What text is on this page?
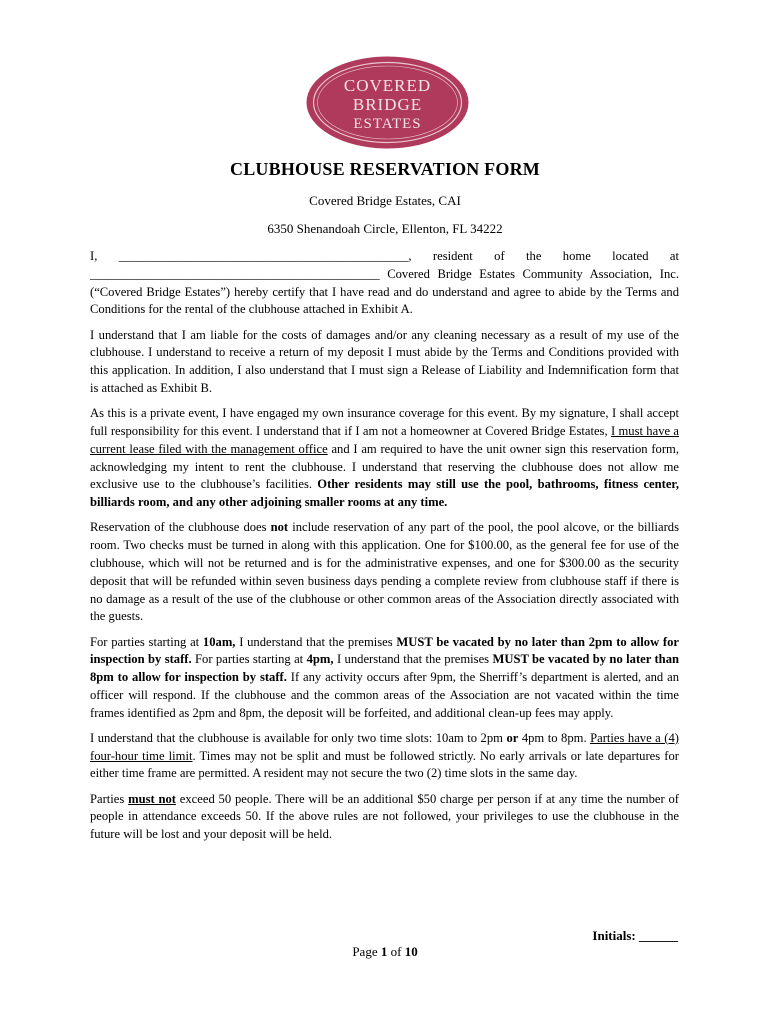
COVERED
BRIDGE
ESTATES
CLUBHOUSE RESERVATION FORM
Covered Bridge Estates, CAI
6350 Shenandoah Circle, Ellenton, FL 34222

I, ______________________________________________, resident of the home located at ______________________________________________ Covered Bridge Estates Community Association, Inc. (“Covered Bridge Estates”) hereby certify that I have read and do understand and agree to abide by the Terms and Conditions for the rental of the clubhouse attached in Exhibit A.

I understand that I am liable for the costs of damages and/or any cleaning necessary as a result of my use of the clubhouse. I understand to receive a return of my deposit I must abide by the Terms and Conditions provided with this application. In addition, I also understand that I must sign a Release of Liability and Indemnification form that is attached as Exhibit B.

As this is a private event, I have engaged my own insurance coverage for this event. By my signature, I shall accept full responsibility for this event. I understand that if I am not a homeowner at Covered Bridge Estates, I must have a current lease filed with the management office and I am required to have the unit owner sign this reservation form, acknowledging my intent to rent the clubhouse. I understand that reserving the clubhouse does not allow me exclusive use to the clubhouse’s facilities. Other residents may still use the pool, bathrooms, fitness center, billiards room, and any other adjoining smaller rooms at any time.

Reservation of the clubhouse does not include reservation of any part of the pool, the pool alcove, or the billiards room. Two checks must be turned in along with this application. One for $100.00, as the general fee for use of the clubhouse, which will not be returned and is for the administrative expenses, and one for $300.00 as the security deposit that will be refunded within seven business days pending a complete review from clubhouse staff if there is no damage as a result of the use of the clubhouse or other common areas of the Association directly associated with the guests.

For parties starting at 10am, I understand that the premises MUST be vacated by no later than 2pm to allow for inspection by staff. For parties starting at 4pm, I understand that the premises MUST be vacated by no later than 8pm to allow for inspection by staff. If any activity occurs after 9pm, the Sherriff’s department is alerted, and an officer will respond. If the clubhouse and the common areas of the Association are not vacated within the time frames identified as 2pm and 8pm, the deposit will be forfeited, and additional clean-up fees may apply.

I understand that the clubhouse is available for only two time slots: 10am to 2pm or 4pm to 8pm. Parties have a (4) four-hour time limit. Times may not be split and must be followed strictly. No early arrivals or late departures for either time frame are permitted. A resident may not secure the two (2) time slots in the same day.

Parties must not exceed 50 people. There will be an additional $50 charge per person if at any time the number of people in attendance exceeds 50. If the above rules are not followed, your privileges to use the clubhouse in the future will be lost and your deposit will be held.

Initials: ______
Page 1 of 10
